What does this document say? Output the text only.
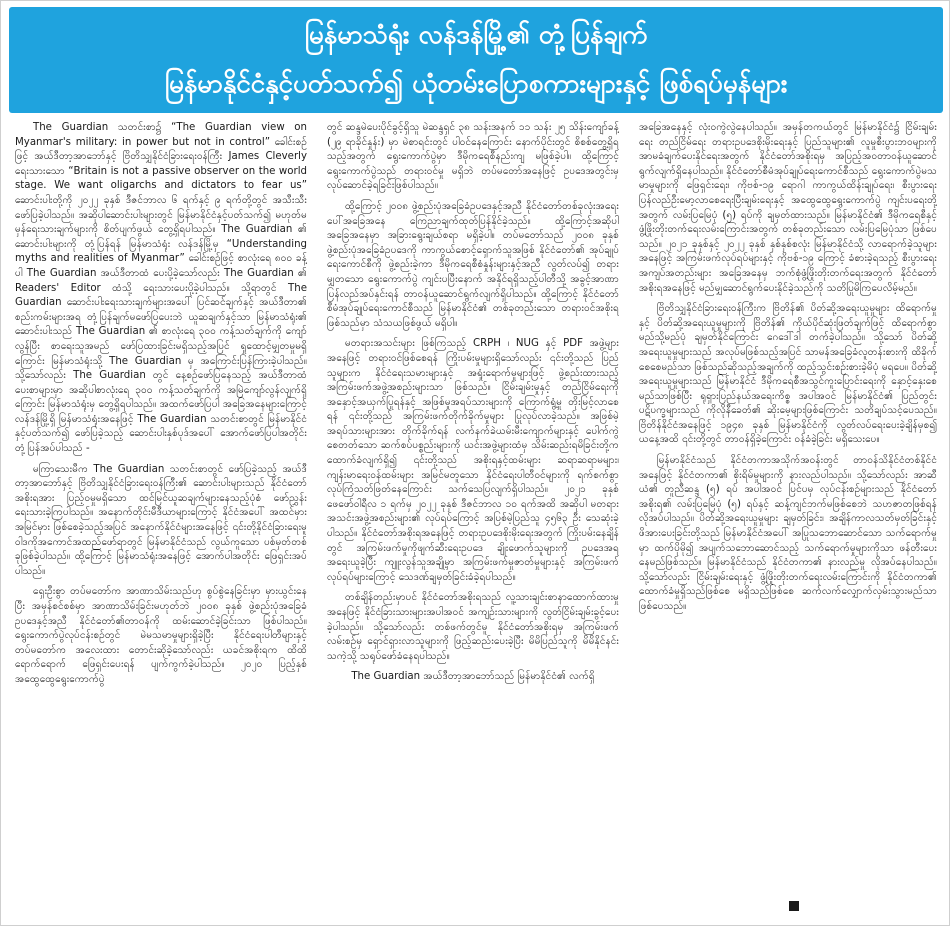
မြန်မာသံရုံး လန်ဒန်မြို့၏ တုံ့ပြန်ချက်
မြန်မာနိုင်ငံနှင့်ပတ်သက်၍ ယုံတမ်းပြောစကားများနှင့် ဖြစ်ရပ်မှန်များ

The Guardian သတင်းစာ၌ “The Guardian view on Myanmar's military: in power but not in control” ခေါင်းစဉ်ဖြင့် အယ်ဒီတာ့အာဘော်နှင့် ဗြိတိသျှနိုင်ငံခြားရေးဝန်ကြီး James Cleverly ရေးသားသော “Britain is not a passive observer on the world stage. We want oligarchs and dictators to fear us” ဆောင်းပါးတို့ကို ၂၀၂၂ ခုနှစ် ဒီဇင်ဘာလ ၆ ရက်နှင့် ၉ ရက်တို့တွင် အသီးသီးဖော်ပြခဲ့ပါသည်။ အဆိုပါဆောင်းပါးများတွင် မြန်မာနိုင်ငံနှင့်ပတ်သက်၍ မဟုတ်မမှန်ရေးသားချက်များကို စိတ်ပျက်ဖွယ် တွေ့ရှိရပါသည်။ The Guardian ၏ ဆောင်းပါးများကို တုံ့ပြန်ရန် မြန်မာသံရုံး လန်ဒန်မြို့မှ “Understanding myths and realities of Myanmar” ခေါင်းစဉ်ဖြင့် စာလုံးရေ ၈၀၀ ခန့်ပါ The Guardian အယ်ဒီတာထံ ပေးပို့ခဲ့သော်လည်း The Guardian ၏ Readers' Editor ထံသို့ ရေးသားပေးပို့ခဲ့ပါသည်။ သို့ရာတွင် The Guardian ဆောင်းပါးရေးသားချက်များအပေါ် ပြင်ဆင်ချက်နှင့် အယ်ဒီတာ၏ စည်းကမ်းများအရ တုံ့ပြန်ချက်မဖော်ပြပေးဘဲ ယူဆချက်နှင့်သာ မြန်မာသံရုံး၏ ဆောင်းပါးသည် The Guardian ၏ စာလုံးရေ ၃၀၀ ကန့်သတ်ချက်ကို ကျော်လွန်ပြီး စာရေးသူအမည် ဖော်ပြထားခြင်းမရှိသည့်အပြင် ရှုထောင့်မျှတမှုမရှိကြောင်း မြန်မာသံရုံးသို့ The Guardian မှ အကြောင်းပြန်ကြားခဲ့ပါသည်။ သို့သော်လည်း The Guardian တွင် နေ့စဉ်ဖော်ပြနေသည့် အယ်ဒီတာထံပေးစာများမှာ အဆိုပါစာလုံးရေ ၃၀၀ ကန့်သတ်ချက်ကို အမြဲကျော်လွန်လျက်ရှိကြောင်း မြန်မာသံရုံးမှ တွေ့ရှိရပါသည်။ အထက်ဖော်ပြပါ အခြေအနေများကြောင့် လန်ဒန်မြို့ရှိ မြန်မာသံရုံးအနေဖြင့် The Guardian သတင်းစာတွင် မြန်မာနိုင်ငံနှင့်ပတ်သက်၍ ဖော်ပြခဲ့သည့် ဆောင်းပါးနှစ်ပုဒ်အပေါ် အောက်ဖော်ပြပါအတိုင်း တုံ့ပြန်အပ်ပါသည် -

မကြာသေးမီက The Guardian သတင်းစာတွင် ဖော်ပြခဲ့သည့် အယ်ဒီတာ့အာဘော်နှင့် ဗြိတိသျှနိုင်ငံခြားရေးဝန်ကြီး၏ ဆောင်းပါးများသည် နိုင်ငံတော်အစိုးရအား ပြည့်ဝမှုမရှိသော ထင်မြင်ယူဆချက်များနေသည့်ပုံစံ ဖော်ညွှန်းရေးသားခဲ့ကြပါသည်။ အနောက်တိုင်းမီဒီယာများကြောင့် နိုင်ငံအပေါ် အထင်မှားအမြင်မှား ဖြစ်စေခဲ့သည့်အပြင် အနောက်နိုင်ငံများအနေဖြင့် ၎င်းတို့နိုင်ငံခြားရေးမူဝါဒကိုအကောင်အထည်ဖော်ရာတွင် မြန်မာနိုင်ငံသည် လွယ်ကူသော ပစ်မှတ်တစ်ခုဖြစ်ခဲ့ပါသည်။ ထို့ကြောင့် မြန်မာသံရုံးအနေဖြင့် အောက်ပါအတိုင်း ဖြေရှင်းအပ်ပါသည်။

ရှေးဦးစွာ တပ်မတော်က အာဏာသိမ်းသည်ဟု စွပ်စွဲနေခြင်းမှာ မှားယွင်းနေပြီး အမှန်စင်စစ်မှာ အာဏာသိမ်းခြင်းမဟုတ်ဘဲ ၂၀၀၈ ခုနှစ် ဖွဲ့စည်းပုံအခြေခံဥပဒေနှင့်အညီ နိုင်ငံတော်၏တာဝန်ကို ထမ်းဆောင်ခဲ့ခြင်းသာ ဖြစ်ပါသည်။ ရွေးကောက်ပွဲလုပ်ငန်းစဉ်တွင် မဲမသမာမှုများရှိခဲ့ပြီး နိုင်ငံရေးပါတီများနှင့် တပ်မတော်က အလေးထား တောင်းဆိုခဲ့သော်လည်း ယခင်အစိုးရက ထိထိရောက်ရောက် ဖြေရှင်းပေးရန် ပျက်ကွက်ခဲ့ပါသည်။ ၂၀၂၀ ပြည့်နှစ် အထွေထွေရွေးကောက်ပွဲ

တွင် ဆန္ဒမဲပေးပိုင်ခွင့်ရှိသူ မဲဆန္ဒရှင် ၃၈ သန်းအနက် ၁၁ သန်း ၂၅ သိန်းကျော်ခန့် (၂၉ ရာခိုင်နှုန်း) မှာ မဲစာရင်းတွင် ပါဝင်နေကြောင်း နောက်ပိုင်းတွင် စိစစ်တွေ့ရှိရသည့်အတွက် ရွေးကောက်ပွဲမှာ ဒီမိုကရေစီနည်းကျ မဖြစ်ခဲ့ပါ။ ထို့ကြောင့် ရွေးကောက်ပွဲသည် တရားဝင်မှု မရှိဘဲ တပ်မတော်အနေဖြင့် ဥပဒေအတွင်းမှ လုပ်ဆောင်ခဲ့ရခြင်းဖြစ်ပါသည်။

ထို့ကြောင့် ၂၀၀၈ ဖွဲ့စည်းပုံအခြေခံဥပဒေနှင့်အညီ နိုင်ငံတော်တစ်ခုလုံးအရေးပေါ်အခြေအနေ ကြေညာချက်ထုတ်ပြန်နိုင်ခဲ့သည်။ ထို့ကြောင့်အဆိုပါအခြေအနေမှာ အခြားရွေးချယ်စရာ မရှိခဲ့ပါ။ တပ်မတော်သည် ၂၀၀၈ ခုနှစ် ဖွဲ့စည်းပုံအခြေခံဥပဒေကို ကာကွယ်စောင့်ရှောက်သူအဖြစ် နိုင်ငံတော်၏ အုပ်ချုပ်ရေးကောင်စီကို ဖွဲ့စည်းခဲ့ကာ ဒီမိုကရေစီစံနှုန်းများနှင့်အညီ လွတ်လပ်၍ တရားမျှတသော ရွေးကောက်ပွဲ ကျင်းပပြီးနောက် အနိုင်ရရှိသည့်ပါတီသို့ အခွင့်အာဏာ ပြန်လည်အပ်နှင်းရန် တာဝန်ယူဆောင်ရွက်လျက်ရှိပါသည်။ ထို့ကြောင့် နိုင်ငံတော်စီမံအုပ်ချုပ်ရေးကောင်စီသည် မြန်မာနိုင်ငံ၏ တစ်ခုတည်းသော တရားဝင်အစိုးရဖြစ်သည်မှာ သံသယဖြစ်ဖွယ် မရှိပါ။

မတရားအသင်းများ ဖြစ်ကြသည့် CRPH ၊ NUG နှင့် PDF အဖွဲ့များအနေဖြင့် တရားဝင်ဖြစ်စေရန် ကြိုးပမ်းမှုများရှိသော်လည်း ၎င်းတို့သည် ပြည်သူများက နိုင်ငံရေးသမားများနှင့် အရှုံးရောက်မှုများဖြင့် ဖွဲ့စည်းထားသည့် အကြမ်းဖက်အဖွဲ့အစည်းများသာ ဖြစ်သည်။ ငြိမ်းချမ်းမှုနှင့် တည်ငြိမ်ရေးကို အနှောင့်အယှက်ပြုရန်နှင့် အဖြစ်မှုအရပ်သားများကို ကြောက်ရွံ့မှု တိုးမြင့်လာစေရန် ၎င်းတို့သည် အကြမ်းဖက်တိုက်ခိုက်မှုများ ပြုလုပ်လာခဲ့သည်။ အဖြစ်မဲ့အရပ်သားများအား တိုက်ခိုက်ရန် လက်နက်ခဲယမ်းမီးကျောက်များနှင့် ပေါက်ကွဲစေတတ်သော ဆက်စပ်ပစ္စည်းများကို ယင်းအဖွဲ့များထံမှ သိမ်းဆည်းရမိခြင်းတို့က ထောက်ခံလျက်ရှိ၍ ၎င်းတို့သည် အစိုးရနှင့်ထမ်းများ ဆရာဆရာမများ၊ ကျန်းမာရေးဝန်ထမ်းများ အမြင်မတူသော နိုင်ငံရေးပါတီဝင်များကို ရက်စက်စွာ လုပ်ကြံသတ်ဖြတ်နေကြောင်း သက်သေပြလျက်ရှိပါသည်။ ၂၀၂၁ ခုနှစ် ဖေဖော်ဝါရီလ ၁ ရက်မှ ၂၀၂၂ ခုနှစ် ဒီဇင်ဘာလ ၁၀ ရက်အထိ အဆိုပါ မတရားအသင်းအဖွဲ့အစည်းများ၏ လုပ်ရပ်ကြောင့် အပြစ်မဲ့ပြည်သူ ၄၅၆၃ ဦး သေဆုံးခဲ့ပါသည်။ နိုင်ငံတော်အစိုးရအနေဖြင့် တရားဥပဒေစိုးမိုးရေးအတွက် ကြိုးပမ်းနေချိန်တွင် အကြမ်းဖက်မှုကိုဖျက်ဆီးရေးဥပဒေ ချိုးဖောက်သူများကို ဥပဒေအရ အရေးယူခဲ့ပြီး ကျူးလွန်သူအချို့မှာ အကြမ်းဖက်မှုဇာတ်မှုများနှင့် အကြမ်းဖက်လုပ်ရပ်များကြောင့် သေဒဏ်ချမှတ်ခြင်းခံခဲ့ရပါသည်။

တစ်ချိန်တည်းမှာပင် နိုင်ငံတော်အစိုးရသည် လူ့သားချင်းစာနာထောက်ထားမှုအနေဖြင့် နိုင်ငံခြားသားများအပါအဝင် အကျဉ်းသားများကို လွတ်ငြိမ်းချမ်းခွင့်ပေးခဲ့ပါသည်။ သို့သော်လည်း တစ်ဖက်တွင်မူ နိုင်ငံတော်အစိုးရမှ အကြမ်းဖက်လမ်းစဉ်မှ ရှောင်ရှားလာသူများကို ဖြည့်ဆည်းပေးခဲ့ပြီး မိမိပြည်သူကို မိမိနိုင်နင်းသကဲ့သို့ သရုပ်ဖော်ခံနေရပါသည်။

The Guardian အယ်ဒီတာ့အာဘော်သည် မြန်မာနိုင်ငံ၏ လက်ရှိ

အခြေအနေနှင့် လုံးဝကွဲလွဲနေပါသည်။ အမှန်တကယ်တွင် မြန်မာနိုင်ငံ၌ ငြိမ်းချမ်းရေး တည်ငြိမ်ရေး တရားဥပဒေစိုးမိုးရေးနှင့် ပြည်သူများ၏ လူမှုစီးပွားဘဝများကို အာမခံချက်ပေးနိုင်ရေးအတွက် နိုင်ငံတော်အစိုးရမှ အပြည့်အဝတာဝန်ယူဆောင်ရွက်လျက်ရှိနေပါသည်။ နိုင်ငံတော်စီမံအုပ်ချုပ်ရေးကောင်စီသည် ရွေးကောက်ပွဲမသမာမှုများကို ဖြေရှင်းရေး၊ ကိုဗစ်-၁၉ ရောဂါ ကာကွယ်ထိန်းချုပ်ရေး၊ စီးပွားရေး ပြန်လည်ဦးမော့လာစေရေးပြီးချမ်းရေးနှင့် အထွေထွေရွေးကောက်ပွဲ ကျင်းပရေးတို့အတွက် လမ်းပြမြေပုံ (၅) ရပ်ကို ချမှတ်ထားသည်။ မြန်မာနိုင်ငံ၏ ဒီမိုကရေစီနှင့် ဖွံ့ဖြိုးတိုးတက်ရေးလမ်းကြောင်းအတွက် တစ်ခုတည်းသော လမ်းပြမြေပုံသာ ဖြစ်ပေသည်။ ၂၀၂၁ ခုနှစ်နှင့် ၂၀၂၂ ခုနှစ် နှစ်နှစ်စလုံး မြန်မာနိုင်ငံသို့ လာရောက်ခဲ့သူများအနေဖြင့် အကြမ်းဖက်လုပ်ရပ်များနှင့် ကိုဗစ်-၁၉ ကြောင့် ခံစားခဲ့ရသည့် စီးပွားရေးအကျပ်အတည်းများ အခြေအနေမှ ဘက်စုံဖွံ့ဖြိုးတိုးတက်ရေးအတွက် နိုင်ငံတော်အစိုးရအနေဖြင့် မည်မျှဆောင်ရွက်ပေးနိုင်ခဲ့သည်ကို သတိပြုမိကြပေလိမ့်မည်။

ဗြိတိသျှနိုင်ငံခြားရေးဝန်ကြီးက ဗြိတိန်၏ ပိတ်ဆို့အရေးယူမှုများ ထိရောက်မှုနှင့် ပိတ်ဆို့အရေးယူမှုများကို ဗြိတိန်၏ ကိုယ်ပိုင်ဆုံးဖြတ်ချက်ဖြင့် ထိရောက်စွာ မည်သို့မည်ပုံ ချမှတ်နိုင်ကြောင်း ဂေဒေါ်ဒါ တက်ခဲ့ပါသည်။ သို့သော် ပိတ်ဆို့အရေးယူမှုများသည် အလုပ်မဖြစ်သည့်အပြင် သာမန်အခြေခံလူတန်းစားကို ထိခိုက်စေစေမည်သာ ဖြစ်သည်ဆိုသည့်အချက်ကို ထည့်သွင်းစဉ်းစားခဲ့မိပုံ မရပေ။ ပိတ်ဆို့အရေးယူမှုများသည် မြန်မာနိုင်ငံ ဒီမိုကရေစီအသွင်ကူးပြောင်းရေးကို နှောင့်နှေးစေမည်သာဖြစ်ပြီး ရုရှားပြည်နယ်အရေးကိစ္စ အပါအဝင် မြန်မာနိုင်ငံ၏ ပြည်တွင်းပဋိပက္ခများသည် ကိုလိုနီခေတ်၏ ဆိုးမေ့များဖြစ်ကြောင်း သတိချပ်သင့်ပေသည်။ ဗြိတိန်နိုင်ငံအနေဖြင့် ၁၉၄၈ ခုနှစ် မြန်မာနိုင်ငံကို လွတ်လပ်ရေးပေးခဲ့ချိန်မှစ၍ ယနေ့အထိ ၎င်းတို့တွင် တာဝန်ရှိခဲ့ကြောင်း ဝန်ခံခဲ့ခြင်း မရှိသေးပေ။

မြန်မာနိုင်ငံသည် နိုင်ငံတကာအသိုက်အဝန်းတွင် တာဝန်သိနိုင်ငံတစ်နိုင်ငံအနေဖြင့် နိုင်ငံတကာ၏ စိုးရိမ်မှုများကို နားလည်ပါသည်။ သို့သော်လည်း အာဆီယံ၏ တူညီဆန္ဒ (၅) ရပ် အပါအဝင် ပြင်ပမှ လုပ်ငန်းစဉ်များသည် နိုင်ငံတော်အစိုးရ၏ လမ်းပြမြေပုံ (၅) ရပ်နှင့် ဆန့်ကျင်ဘက်မဖြစ်စေဘဲ သဟဇာတဖြစ်ရန် လိုအပ်ပါသည်။ ပိတ်ဆို့အရေးယူမှုများ ချမှတ်ခြင်း၊ အချိန်ကာလသတ်မှတ်ခြင်းနှင့် ဖိအားပေးခြင်းတို့သည် မြန်မာနိုင်ငံအပေါ် အပြုသဘောဆောင်သော သက်ရောက်မှုမှာ ထက်ပိုမို၍ အပျက်သဘောဆောင်သည့် သက်ရောက်မှုများကိုသာ ဖန်တီးပေးနေမည်ဖြစ်သည်။ မြန်မာနိုင်ငံသည် နိုင်ငံတကာ၏ နားလည်မှု လိုအပ်နေပါသည်။ သို့သော်လည်း ငြိမ်းချမ်းရေးနှင့် ဖွံ့ဖြိုးတိုးတက်ရေးလမ်းကြောင်းကို နိုင်ငံတကာ၏ ထောက်ခံမှုရှိသည်ဖြစ်စေ မရှိသည်ဖြစ်စေ ဆက်လက်လျှောက်လှမ်းသွားမည်သာဖြစ်ပေသည်။
